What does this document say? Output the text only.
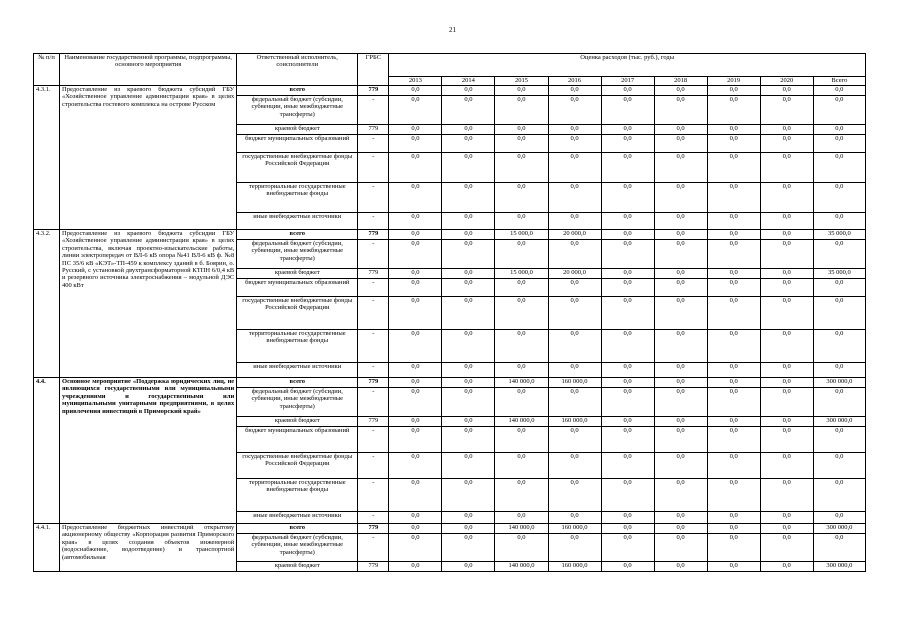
21
№ п/п	Наименование государственной программы, подпрограммы, основного мероприятия	Ответственный исполнитель, соисполнители	ГРБС	Оценка расходов (тыс. руб.), годы								
				2013	2014	2015	2016	2017	2018	2019	2020	Всего
4.3.1.	Предоставление из краевого бюджета субсидий ГБУ «Хозяйственное управление администрации края» в целях строительства гостевого комплекса на острове Русском	всего	779	0,0	0,0	0,0	0,0	0,0	0,0	0,0	0,0	0,0
		федеральный бюджет (субсидии, субвенции, иные межбюджетные трансферты)	-	0,0	0,0	0,0	0,0	0,0	0,0	0,0	0,0	0,0
		краевой бюджет	779	0,0	0,0	0,0	0,0	0,0	0,0	0,0	0,0	0,0
		бюджет муниципальных образований	-	0,0	0,0	0,0	0,0	0,0	0,0	0,0	0,0	0,0
		государственные внебюджетные фонды Российской Федерации	-	0,0	0,0	0,0	0,0	0,0	0,0	0,0	0,0	0,0
		территориальные государственные внебюджетные фонды	-	0,0	0,0	0,0	0,0	0,0	0,0	0,0	0,0	0,0
		иные внебюджетные источники	-	0,0	0,0	0,0	0,0	0,0	0,0	0,0	0,0	0,0
4.3.2.	Предоставление из краевого бюджета субсидии ГБУ «Хозяйственное управление администрации края» в целях строительства, включая проектно-изыскательские работы, линии электропередач от ВЛ-6 кВ опора №41 ВЛ-6 кВ ф. №8 ПС 35/6 кВ «КЭТ»-ТП-459 к комплексу зданий в б. Боярин, о. Русский, с установкой двухтрансформаторной КТПН 6/0,4 кВ и резервного источника электроснабжения – модульной ДЭС 400 кВт	всего	779	0,0	0,0	15 000,0	20 000,0	0,0	0,0	0,0	0,0	35 000,0
		федеральный бюджет (субсидии, субвенции, иные межбюджетные трансферты)	-	0,0	0,0	0,0	0,0	0,0	0,0	0,0	0,0	0,0
		краевой бюджет	779	0,0	0,0	15 000,0	20 000,0	0,0	0,0	0,0	0,0	35 000,0
		бюджет муниципальных образований	-	0,0	0,0	0,0	0,0	0,0	0,0	0,0	0,0	0,0
		государственные внебюджетные фонды Российской Федерации	-	0,0	0,0	0,0	0,0	0,0	0,0	0,0	0,0	0,0
		территориальные государственные внебюджетные фонды	-	0,0	0,0	0,0	0,0	0,0	0,0	0,0	0,0	0,0
		иные внебюджетные источники	-	0,0	0,0	0,0	0,0	0,0	0,0	0,0	0,0	0,0
4.4.	Основное мероприятие «Поддержка юридических лиц, не являющихся государственными или муниципальными учреждениями и государственными или муниципальными унитарными предприятиями, в целях привлечения инвестиций в Приморский край»	всего	779	0,0	0,0	140 000,0	160 000,0	0,0	0,0	0,0	0,0	300 000,0
		федеральный бюджет (субсидии, субвенции, иные межбюджетные трансферты)	-	0,0	0,0	0,0	0,0	0,0	0,0	0,0	0,0	0,0
		краевой бюджет	779	0,0	0,0	140 000,0	160 000,0	0,0	0,0	0,0	0,0	300 000,0
		бюджет муниципальных образований	-	0,0	0,0	0,0	0,0	0,0	0,0	0,0	0,0	0,0
		государственные внебюджетные фонды Российской Федерации	-	0,0	0,0	0,0	0,0	0,0	0,0	0,0	0,0	0,0
		территориальные государственные внебюджетные фонды	-	0,0	0,0	0,0	0,0	0,0	0,0	0,0	0,0	0,0
		иные внебюджетные источники	-	0,0	0,0	0,0	0,0	0,0	0,0	0,0	0,0	0,0
4.4.1.	Предоставление бюджетных инвестиций открытому акционерному обществу «Корпорация развития Приморского края» в целях создания объектов инженерной (водоснабжение, водоотведение) и транспортной (автомобильная	всего	779	0,0	0,0	140 000,0	160 000,0	0,0	0,0	0,0	0,0	300 000,0
		федеральный бюджет (субсидии, субвенции, иные межбюджетные трансферты)	-	0,0	0,0	0,0	0,0	0,0	0,0	0,0	0,0	0,0
		краевой бюджет	779	0,0	0,0	140 000,0	160 000,0	0,0	0,0	0,0	0,0	300 000,0
